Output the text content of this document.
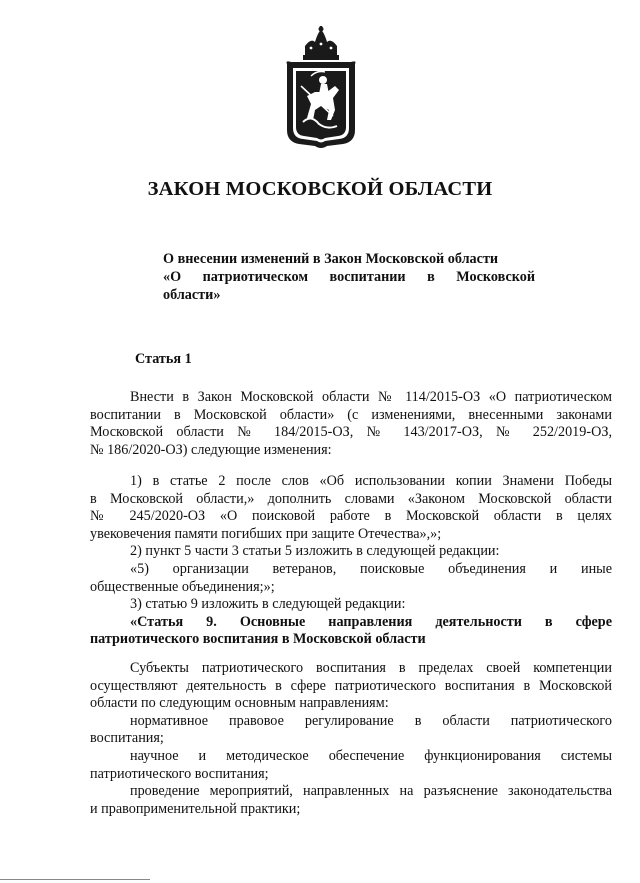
ЗАКОН МОСКОВСКОЙ ОБЛАСТИ
О внесении изменений в Закон Московской области
«О патриотическом воспитании в Московской
области»
Статья 1
Внести в Закон Московской области № 114/2015-ОЗ «О патриотическом
воспитании в Московской области» (с изменениями, внесенными законами
Московской области № 184/2015-ОЗ, № 143/2017-ОЗ, № 252/2019-ОЗ,
№ 186/2020-ОЗ) следующие изменения:
1) в статье 2 после слов «Об использовании копии Знамени Победы
в Московской области,» дополнить словами «Законом Московской области
№ 245/2020-ОЗ «О поисковой работе в Московской области в целях
увековечения памяти погибших при защите Отечества»,»;
2) пункт 5 части 3 статьи 5 изложить в следующей редакции:
«5) организации ветеранов, поисковые объединения и иные
общественные объединения;»;
3) статью 9 изложить в следующей редакции:
«Статья 9. Основные направления деятельности в сфере
патриотического воспитания в Московской области
Субъекты патриотического воспитания в пределах своей компетенции
осуществляют деятельность в сфере патриотического воспитания в Московской
области по следующим основным направлениям:
нормативное правовое регулирование в области патриотического
воспитания;
научное и методическое обеспечение функционирования системы
патриотического воспитания;
проведение мероприятий, направленных на разъяснение законодательства
и правоприменительной практики;
